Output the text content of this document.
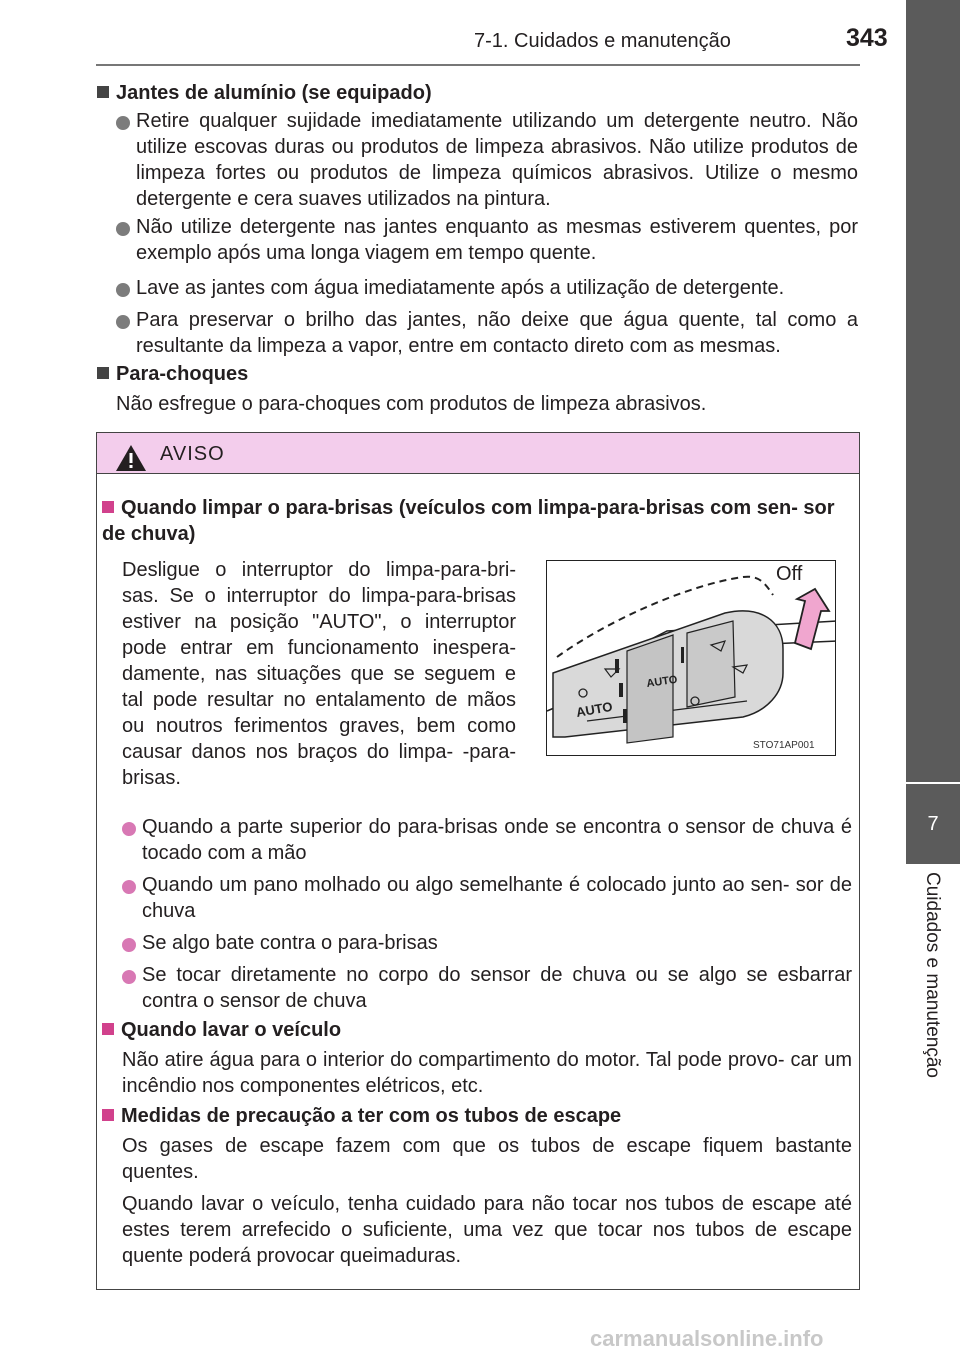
7-1. Cuidados e manutenção	343
7
Cuidados e manutenção
Jantes de alumínio (se equipado)
Retire qualquer sujidade imediatamente utilizando um detergente neutro. Não utilize escovas duras ou produtos de limpeza abrasivos. Não utilize produtos de limpeza fortes ou produtos de limpeza químicos abrasivos. Utilize o mesmo detergente e cera suaves utilizados na pintura.
Não utilize detergente nas jantes enquanto as mesmas estiverem quentes, por exemplo após uma longa viagem em tempo quente.
Lave as jantes com água imediatamente após a utilização de detergente.
Para preservar o brilho das jantes, não deixe que água quente, tal como a resultante da limpeza a vapor, entre em contacto direto com as mesmas.
Para-choques
Não esfregue o para-choques com produtos de limpeza abrasivos.
AVISO
Quando limpar o para-brisas (veículos com limpa-para-brisas com sen- sor de chuva)
Desligue o interruptor do limpa-para-bri- sas. Se o interruptor do limpa-para-brisas estiver na posição "AUTO", o interruptor pode entrar em funcionamento inespera- damente, nas situações que se seguem e tal pode resultar no entalamento de mãos ou noutros ferimentos graves, bem como causar danos nos braços do limpa- -para-brisas.
AUTO
AUTO
Off
STO71AP001
Quando a parte superior do para-brisas onde se encontra o sensor de chuva é tocado com a mão
Quando um pano molhado ou algo semelhante é colocado junto ao sen- sor de chuva
Se algo bate contra o para-brisas
Se tocar diretamente no corpo do sensor de chuva ou se algo se esbarrar contra o sensor de chuva
Quando lavar o veículo
Não atire água para o interior do compartimento do motor. Tal pode provo- car um incêndio nos componentes elétricos, etc.
Medidas de precaução a ter com os tubos de escape
Os gases de escape fazem com que os tubos de escape fiquem bastante quentes.
Quando lavar o veículo, tenha cuidado para não tocar nos tubos de escape até estes terem arrefecido o suficiente, uma vez que tocar nos tubos de escape quente poderá provocar queimaduras.
carmanualsonline.info
